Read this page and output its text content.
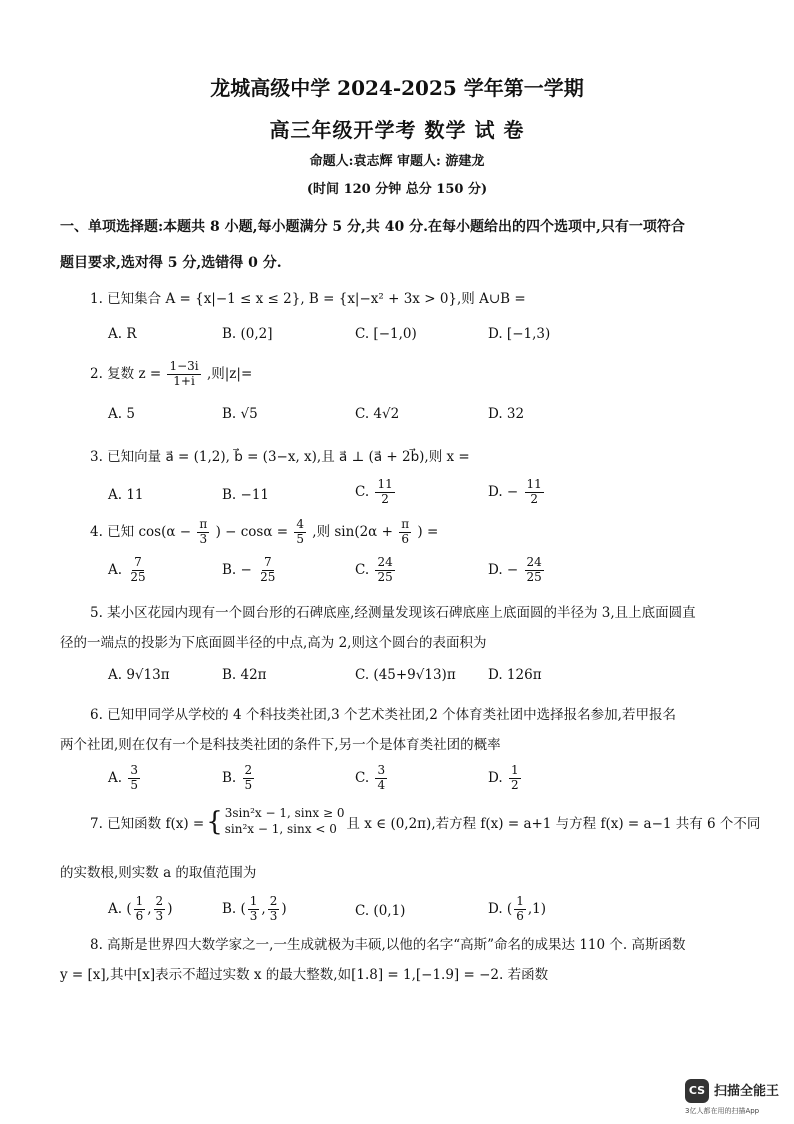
龙城高级中学 2024-2025 学年第一学期
高三年级开学考 数学 试 卷
命题人:袁志辉 审题人: 游建龙
(时间 120 分钟 总分 150 分)
一、单项选择题:本题共 8 小题,每小题满分 5 分,共 40 分.在每小题给出的四个选项中,只有一项符合
题目要求,选对得 5 分,选错得 0 分.
1. 已知集合 A = {x|−1 ≤ x ≤ 2}, B = {x|−x² + 3x > 0},则 A∪B =
A. R	B. (0,2]	C. [−1,0)	D. [−1,3)
2. 复数 $z = \frac{1-3i}{1+i}$ ,则|z|=
A. 5	B. √5	C. 4√2	D. 32
3. 已知向量 a⃗ = (1,2), b⃗ = (3−x, x),且 a⃗ ⊥ (a⃗ + 2b⃗),则 x =
A. 11	B. −11	C. $\frac{11}{2}$	D. − $\frac{11}{2}$
4. 已知 $\cos(\alpha - \frac{\pi}{3}$ ) − $\cos\alpha = \frac{4}{5}$ ,则 $\sin(2\alpha + \frac{\pi}{6}$ ) =
A. $\frac{7}{25}$	B. − $\frac{7}{25}$	C. $\frac{24}{25}$	D. − $\frac{24}{25}$
5. 某小区花园内现有一个圆台形的石碑底座,经测量发现该石碑底座上底面圆的半径为 3,且上底面圆直
径的一端点的投影为下底面圆半径的中点,高为 2,则这个圆台的表面积为
A. 9√13π	B. 42π	C. (45+9√13)π D. 126π
6. 已知甲同学从学校的 4 个科技类社团,3 个艺术类社团,2 个体育类社团中选择报名参加,若甲报名
两个社团,则在仅有一个是科技类社团的条件下,另一个是体育类社团的概率
A. $\frac{3}{5}$	B. $\frac{2}{5}$	C. $\frac{3}{4}$	D. $\frac{1}{2}$
7. 已知函数 f(x) = { 3sin²x − 1, sinx ≥ 0
sin²x − 1, sinx < 0 且 x ∈ (0,2π),若方程 f(x) = a+1 与方程 f(x) = a−1 共有 6 个不同
的实数根,则实数 a 的取值范围为
A. ( $\frac{1}{6}$ , $\frac{2}{3}$ )	B. ( $\frac{1}{3}$ , $\frac{2}{3}$ )	C. (0,1)	D. ( $\frac{1}{6} ,1$)
8. 高斯是世界四大数学家之一,一生成就极为丰硕,以他的名字“高斯”命名的成果达 110 个. 高斯函数
y = [x],其中[x]表示不超过实数 x 的最大整数,如[1.8] = 1,[−1.9] = −2. 若函数
CS 扫描全能王
3亿人都在用的扫描App
